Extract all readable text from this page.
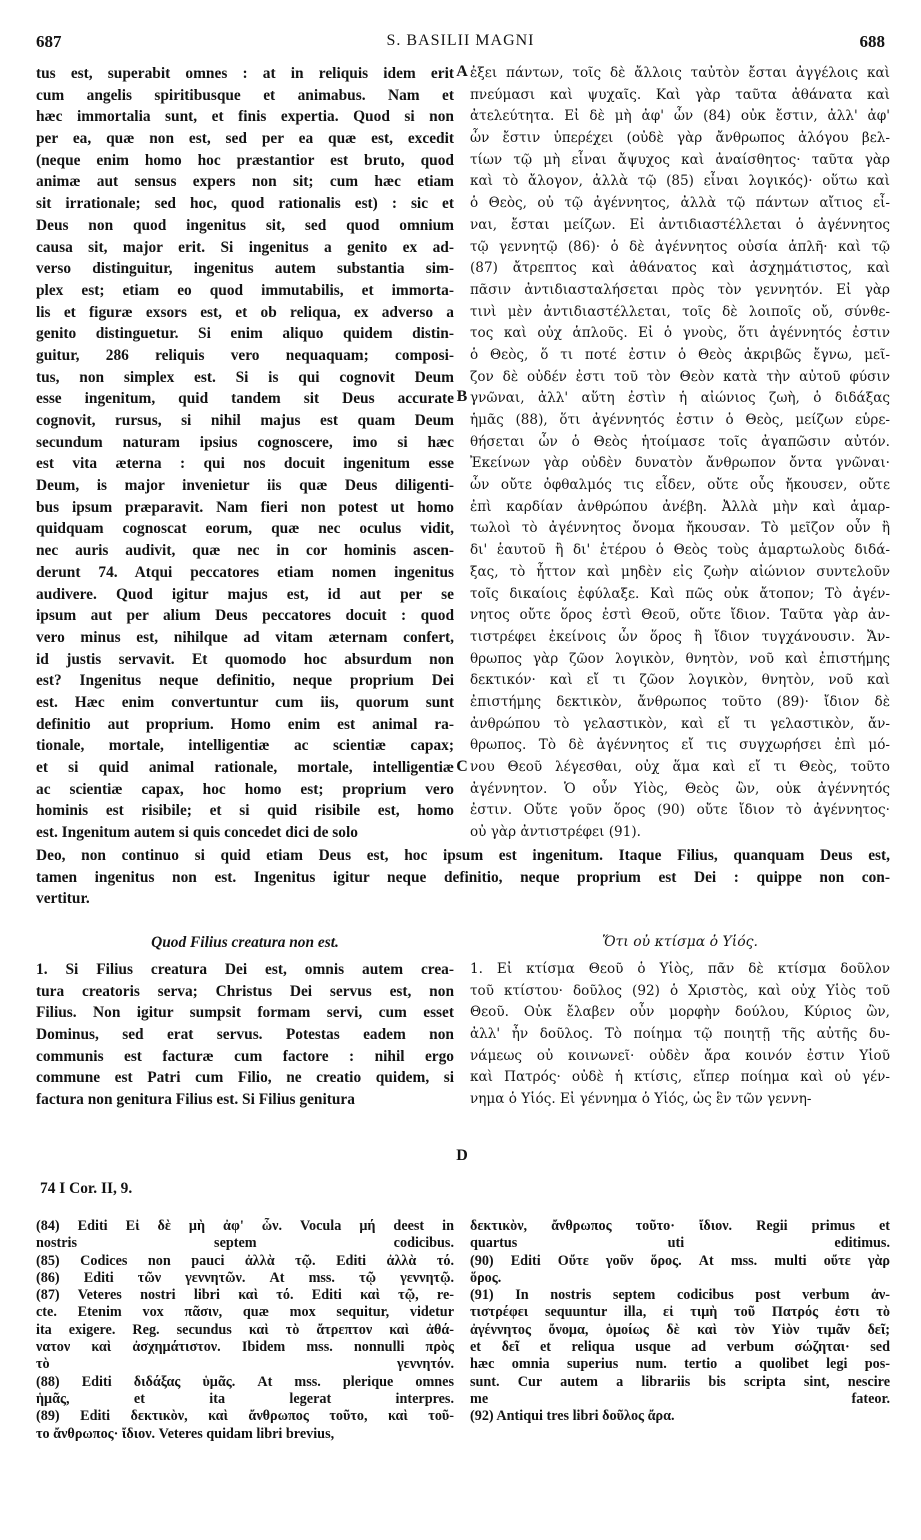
687	S. BASILII MAGNI	688
tus est, superabit omnes : at in reliquis idem erit
cum angelis spiritibusque et animabus. Nam et
hæc immortalia sunt, et finis expertia. Quod si non
per ea, quæ non est, sed per ea quæ est, excedit
(neque enim homo hoc præstantior est bruto, quod
animæ aut sensus expers non sit; cum hæc etiam
sit irrationale; sed hoc, quod rationalis est) : sic et
Deus non quod ingenitus sit, sed quod omnium
causa sit, major erit. Si ingenitus a genito ex ad-
verso distinguitur, ingenitus autem substantia sim-
plex est; etiam eo quod immutabilis, et immorta-
lis et figuræ exsors est, et ob reliqua, ex adverso a
genito distinguetur. Si enim aliquo quidem distin-
guitur, 286 reliquis vero nequaquam; composi-
tus, non simplex est. Si is qui cognovit Deum
esse ingenitum, quid tandem sit Deus accurate
cognovit, rursus, si nihil majus est quam Deum
secundum naturam ipsius cognoscere, imo si hæc
est vita æterna : qui nos docuit ingenitum esse
Deum, is major invenietur iis quæ Deus diligenti-
bus ipsum præparavit. Nam fieri non potest ut homo
quidquam cognoscat eorum, quæ nec oculus vidit,
nec auris audivit, quæ nec in cor hominis ascen-
derunt 74. Atqui peccatores etiam nomen ingenitus
audivere. Quod igitur majus est, id aut per se
ipsum aut per alium Deus peccatores docuit : quod
vero minus est, nihilque ad vitam æternam confert,
id justis servavit. Et quomodo hoc absurdum non
est? Ingenitus neque definitio, neque proprium Dei
est. Hæc enim convertuntur cum iis, quorum sunt
definitio aut proprium. Homo enim est animal ra-
tionale, mortale, intelligentiæ ac scientiæ capax;
et si quid animal rationale, mortale, intelligentiæ
ac scientiæ capax, hoc homo est; proprium vero
hominis est risibile; et si quid risibile est, homo
est. Ingenitum autem si quis concedet dici de solo
ἐξει πάντων, τοῖς δὲ ἄλλοις ταὐτὸν ἔσται ἀγγέλοις καὶ
πνεύμασι καὶ ψυχαῖς. Καὶ γὰρ ταῦτα ἀθάνατα καὶ
ἀτελεύτητα. Εἰ δὲ μὴ ἀφ' ὧν (84) οὐκ ἔστιν, ἀλλ' ἀφ'
ὧν ἔστιν ὑπερέχει (οὐδὲ γὰρ ἄνθρωπος ἀλόγου βελ-
τίων τῷ μὴ εἶναι ἄψυχος καὶ ἀναίσθητος· ταῦτα γὰρ
καὶ τὸ ἄλογον, ἀλλὰ τῷ (85) εἶναι λογικός)· οὕτω καὶ
ὁ Θεὸς, οὐ τῷ ἀγέννητος, ἀλλὰ τῷ πάντων αἴτιος εἶ-
ναι, ἔσται μείζων. Εἰ ἀντιδιαστέλλεται ὁ ἀγέννητος
τῷ γεννητῷ (86)· ὁ δὲ ἀγέννητος οὐσία ἁπλῆ· καὶ τῷ
(87) ἄτρεπτος καὶ ἀθάνατος καὶ ἀσχημάτιστος, καὶ
πᾶσιν ἀντιδιασταλήσεται πρὸς τὸν γεννητόν. Εἰ γὰρ
τινὶ μὲν ἀντιδιαστέλλεται, τοῖς δὲ λοιποῖς οὔ, σύνθε-
τος καὶ οὐχ ἁπλοῦς. Εἰ ὁ γνοὺς, ὅτι ἀγέννητός ἐστιν
ὁ Θεὸς, ὅ τι ποτέ ἐστιν ὁ Θεὸς ἀκριβῶς ἔγνω, μεῖ-
ζον δὲ οὐδέν ἐστι τοῦ τὸν Θεὸν κατὰ τὴν αὐτοῦ φύσιν
γνῶναι, ἀλλ' αὕτη ἐστὶν ἡ αἰώνιος ζωὴ, ὁ διδάξας
ἡμᾶς (88), ὅτι ἀγέννητός ἐστιν ὁ Θεὸς, μείζων εὑρε-
θήσεται ὧν ὁ Θεὸς ἡτοίμασε τοῖς ἀγαπῶσιν αὐτόν.
Ἐκείνων γὰρ οὐδὲν δυνατὸν ἄνθρωπον ὄντα γνῶναι·
ὧν οὔτε ὀφθαλμός τις εἶδεν, οὔτε οὖς ἤκουσεν, οὔτε
ἐπὶ καρδίαν ἀνθρώπου ἀνέβη. Ἀλλὰ μὴν καὶ ἁμαρ-
τωλοὶ τὸ ἀγέννητος ὄνομα ἤκουσαν. Τὸ μεῖζον οὖν ἢ
δι' ἑαυτοῦ ἢ δι' ἑτέρου ὁ Θεὸς τοὺς ἁμαρτωλοὺς διδά-
ξας, τὸ ἧττον καὶ μηδὲν εἰς ζωὴν αἰώνιον συντελοῦν
τοῖς δικαίοις ἐφύλαξε. Καὶ πῶς οὐκ ἄτοπον; Τὸ ἀγέν-
νητος οὔτε ὅρος ἐστὶ Θεοῦ, οὔτε ἴδιον. Ταῦτα γὰρ ἀν-
τιστρέφει ἐκείνοις ὧν ὅρος ἢ ἴδιον τυγχάνουσιν. Ἄν-
θρωπος γὰρ ζῶον λογικὸν, θνητὸν, νοῦ καὶ ἐπιστήμης
δεκτικόν· καὶ εἴ τι ζῶον λογικὸν, θνητὸν, νοῦ καὶ
ἐπιστήμης δεκτικὸν, ἄνθρωπος τοῦτο (89)· ἴδιον δὲ
ἀνθρώπου τὸ γελαστικὸν, καὶ εἴ τι γελαστικὸν, ἄν-
θρωπος. Τὸ δὲ ἀγέννητος εἴ τις συγχωρήσει ἐπὶ μό-
νου Θεοῦ λέγεσθαι, οὐχ ἅμα καὶ εἴ τι Θεὸς, τοῦτο
ἀγέννητον. Ὁ οὖν Υἱὸς, Θεὸς ὢν, οὐκ ἀγέννητός
ἐστιν. Οὔτε γοῦν ὅρος (90) οὔτε ἴδιον τὸ ἀγέννητος·
οὐ γὰρ ἀντιστρέφει (91).
A
B
C
D
Deo, non continuo si quid etiam Deus est, hoc ipsum est ingenitum. Itaque Filius, quanquam Deus est,
tamen ingenitus non est. Ingenitus igitur neque definitio, neque proprium est Dei : quippe non con-
vertitur.
Quod Filius creatura non est.	Ὅτι οὐ κτίσμα ὁ Υἱός.
1. Si Filius creatura Dei est, omnis autem crea-
tura creatoris serva; Christus Dei servus est, non
Filius. Non igitur sumpsit formam servi, cum esset
Dominus, sed erat servus. Potestas eadem non
communis est facturæ cum factore : nihil ergo
commune est Patri cum Filio, ne creatio quidem, si
factura non genitura Filius est. Si Filius genitura
1. Εἰ κτίσμα Θεοῦ ὁ Υἱὸς, πᾶν δὲ κτίσμα δοῦλον
τοῦ κτίστου· δοῦλος (92) ὁ Χριστὸς, καὶ οὐχ Υἱὸς τοῦ
Θεοῦ. Οὐκ ἔλαβεν οὖν μορφὴν δούλου, Κύριος ὢν,
ἀλλ' ἦν δοῦλος. Τὸ ποίημα τῷ ποιητῇ τῆς αὐτῆς δυ-
νάμεως οὐ κοινωνεῖ· οὐδὲν ἄρα κοινόν ἐστιν Υἱοῦ
καὶ Πατρός· οὐδὲ ἡ κτίσις, εἴπερ ποίημα καὶ οὐ γέν-
νημα ὁ Υἱός. Εἰ γέννημα ὁ Υἱός, ὡς ἓν τῶν γεννη-
74 I Cor. II, 9.
(84) Editi Εἰ δὲ μὴ ἀφ' ὧν. Vocula μή deest in
nostris septem codicibus.
(85) Codices non pauci ἀλλὰ τῷ. Editi ἀλλὰ τό.
(86) Editi τῶν γεννητῶν. At mss. τῷ γεννητῷ.
(87) Veteres nostri libri καὶ τό. Editi καὶ τῷ, re-
cte. Etenim vox πᾶσιν, quæ mox sequitur, videtur
ita exigere. Reg. secundus καὶ τὸ ἄτρεπτον καὶ ἀθά-
νατον καὶ ἀσχημάτιστον. Ibidem mss. nonnulli πρὸς
τὸ γεννητόν.
(88) Editi διδάξας ὑμᾶς. At mss. plerique omnes
ἡμᾶς, et ita legerat interpres.
(89) Editi δεκτικὸν, καὶ ἄνθρωπος τοῦτο, καὶ τοῦ-
το ἄνθρωπος· ἴδιον. Veteres quidam libri brevius,
δεκτικὸν, ἄνθρωπος τοῦτο· ἴδιον. Regii primus et
quartus uti editimus.
(90) Editi Οὔτε γοῦν ὅρος. At mss. multi οὔτε γὰρ
ὅρος.
(91) In nostris septem codicibus post verbum ἀν-
τιστρέφει sequuntur illa, εἰ τιμὴ τοῦ Πατρός ἐστι τὸ
ἀγέννητος ὄνομα, ὁμοίως δὲ καὶ τὸν Υἱὸν τιμᾶν δεῖ;
et δεῖ et reliqua usque ad verbum σώζηται· sed
hæc omnia superius num. tertio a quolibet legi pos-
sunt. Cur autem a librariis bis scripta sint, nescire
me fateor.
(92) Antiqui tres libri δοῦλος ἄρα.
